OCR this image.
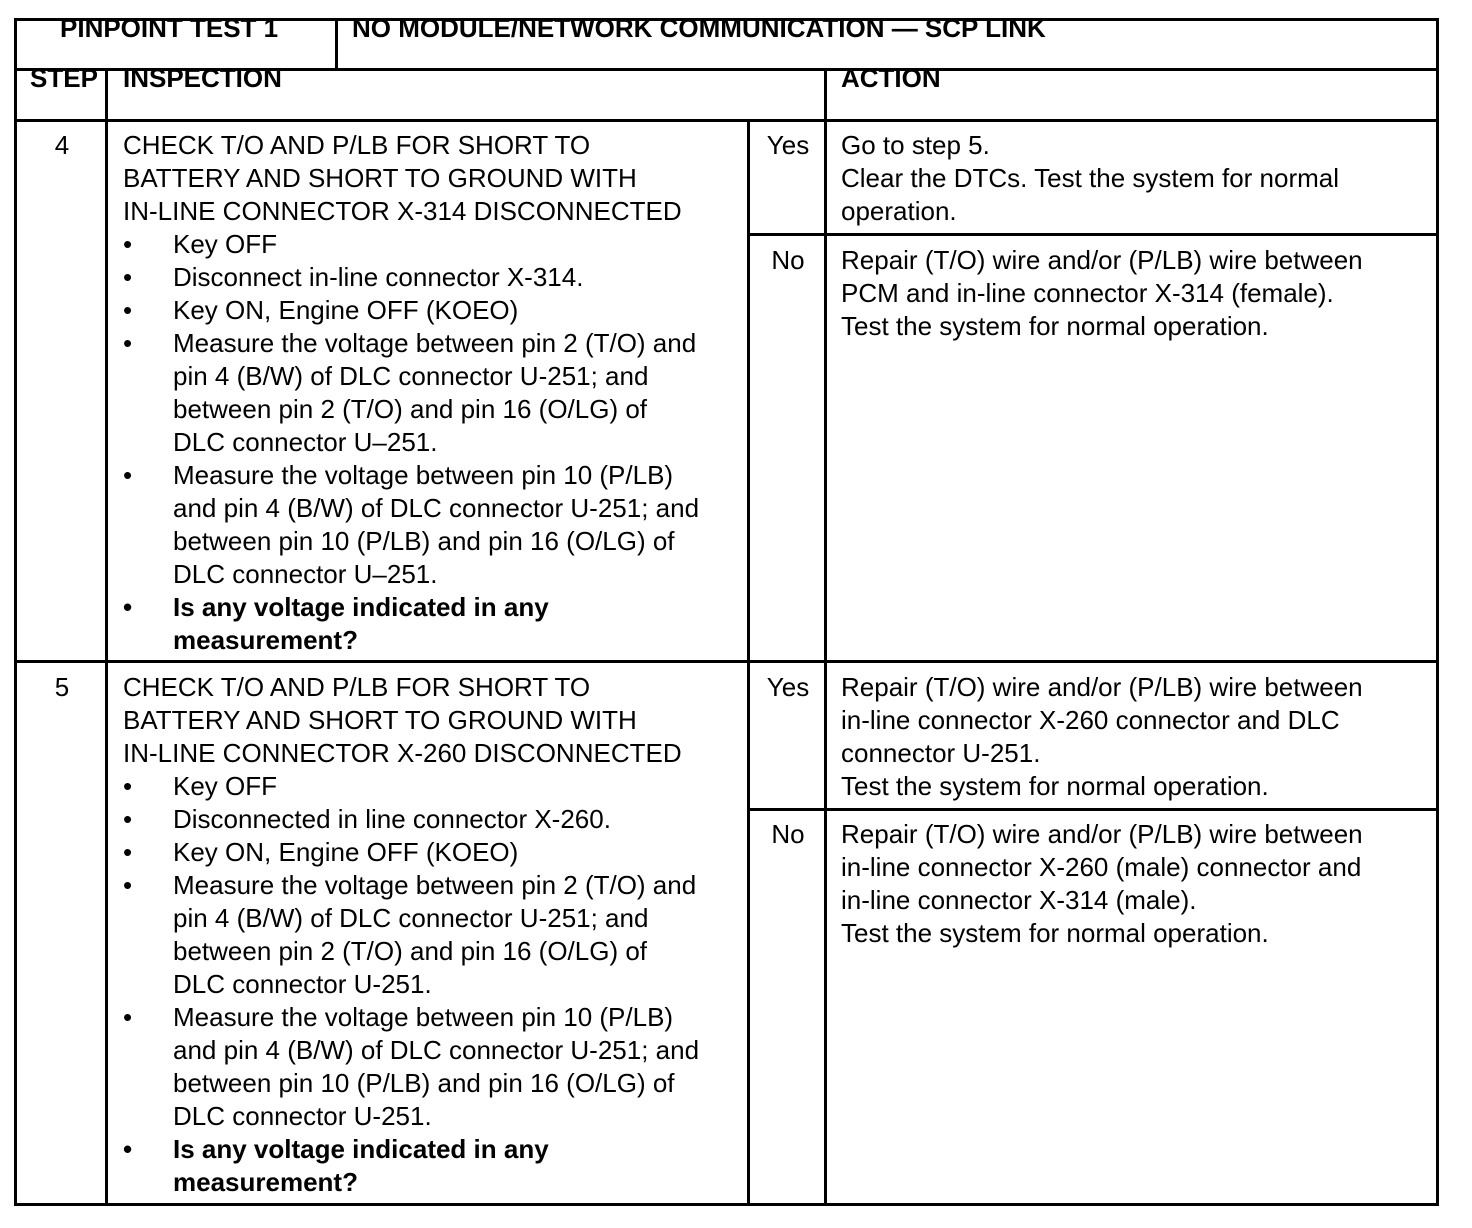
PINPOINT TEST 1	NO MODULE/NETWORK COMMUNICATION — SCP LINK
STEP INSPECTION	ACTION
4	CHECK T/O AND P/LB FOR SHORT TO
BATTERY AND SHORT TO GROUND WITH
IN-LINE CONNECTOR X-314 DISCONNECTED
• Key OFF
• Disconnect in-line connector X-314.
• Key ON, Engine OFF (KOEO)
• Measure the voltage between pin 2 (T/O) and
pin 4 (B/W) of DLC connector U-251; and
between pin 2 (T/O) and pin 16 (O/LG) of
DLC connector U–251.
• Measure the voltage between pin 10 (P/LB)
and pin 4 (B/W) of DLC connector U-251; and
between pin 10 (P/LB) and pin 16 (O/LG) of
DLC connector U–251.
• Is any voltage indicated in any
measurement?
Yes	Go to step 5.
Clear the DTCs. Test the system for normal
operation.
No	Repair (T/O) wire and/or (P/LB) wire between
PCM and in-line connector X-314 (female).
Test the system for normal operation.
5	CHECK T/O AND P/LB FOR SHORT TO
BATTERY AND SHORT TO GROUND WITH
IN-LINE CONNECTOR X-260 DISCONNECTED
• Key OFF
• Disconnected in line connector X-260.
• Key ON, Engine OFF (KOEO)
• Measure the voltage between pin 2 (T/O) and
pin 4 (B/W) of DLC connector U-251; and
between pin 2 (T/O) and pin 16 (O/LG) of
DLC connector U-251.
• Measure the voltage between pin 10 (P/LB)
and pin 4 (B/W) of DLC connector U-251; and
between pin 10 (P/LB) and pin 16 (O/LG) of
DLC connector U-251.
• Is any voltage indicated in any
measurement?
Yes	Repair (T/O) wire and/or (P/LB) wire between
in-line connector X-260 connector and DLC
connector U-251.
Test the system for normal operation.
No	Repair (T/O) wire and/or (P/LB) wire between
in-line connector X-260 (male) connector and
in-line connector X-314 (male).
Test the system for normal operation.
